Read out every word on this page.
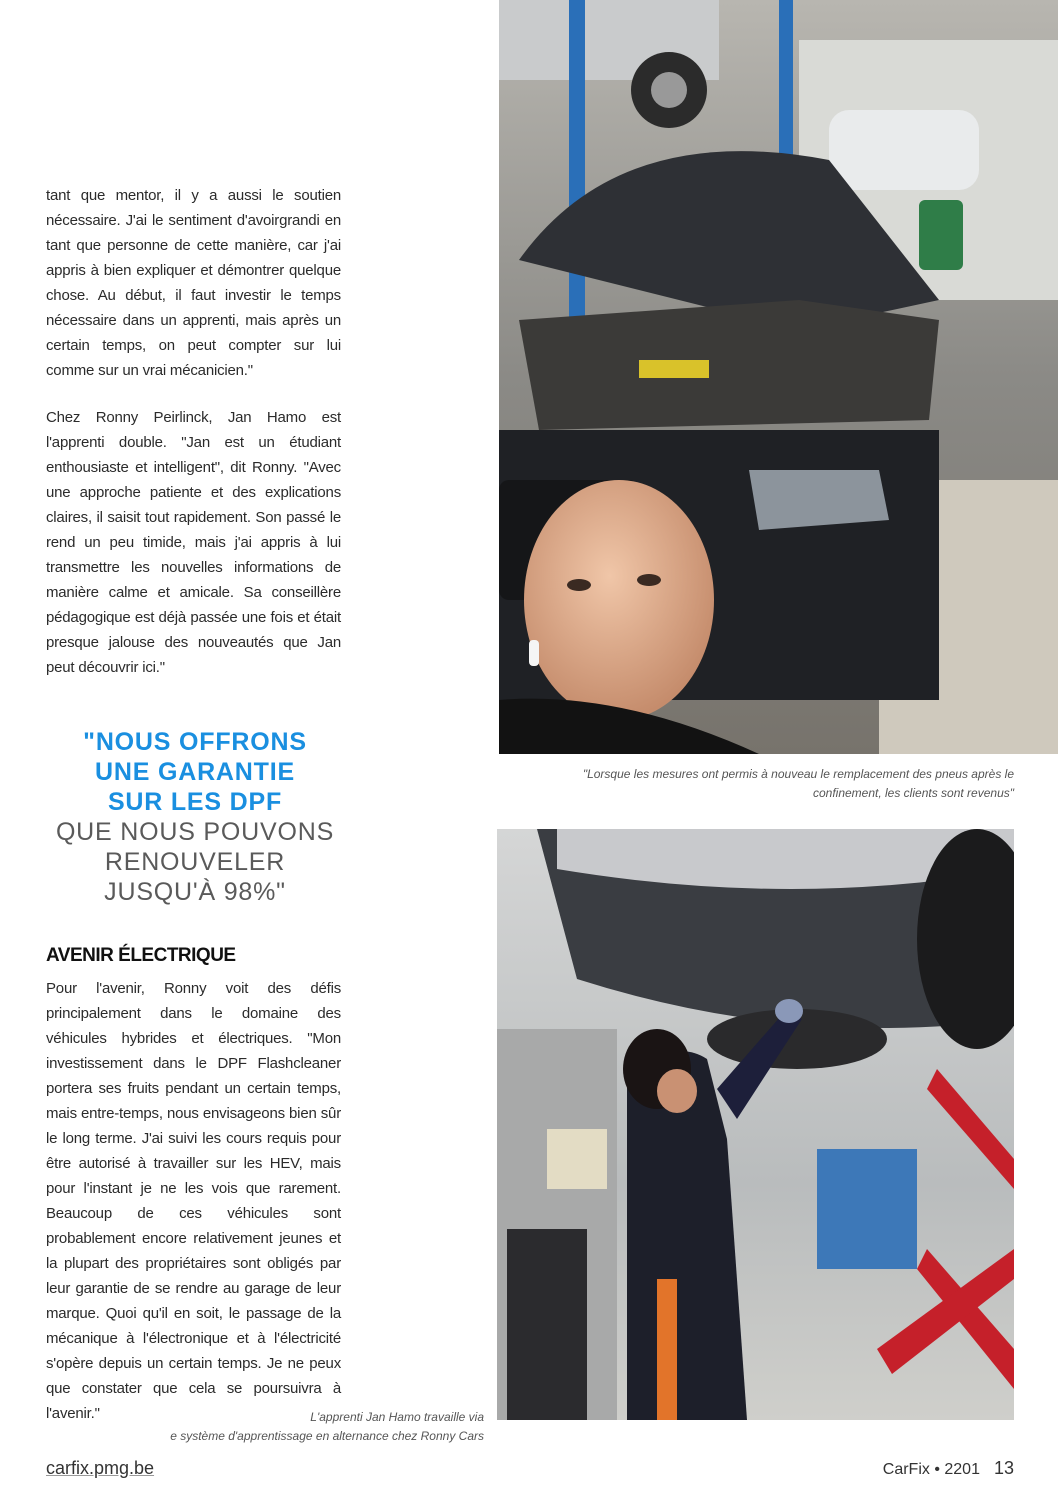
tant que mentor, il y a aussi le soutien nécessaire. J'ai le sentiment d'avoirgrandi en tant que personne de cette manière, car j'ai appris à bien expliquer et démontrer quelque chose. Au début, il faut investir le temps nécessaire dans un apprenti, mais après un certain temps, on peut compter sur lui comme sur un vrai mécanicien."

Chez Ronny Peirlinck, Jan Hamo est l'apprenti double. "Jan est un étudiant enthousiaste et intelligent", dit Ronny. "Avec une approche patiente et des explications claires, il saisit tout rapidement. Son passé le rend un peu timide, mais j'ai appris à lui transmettre les nouvelles informations de manière calme et amicale. Sa conseillère pédagogique est déjà passée une fois et était presque jalouse des nouveautés que Jan peut découvrir ici."

"NOUS OFFRONS
UNE GARANTIE
SUR LES DPF
QUE NOUS POUVONS
RENOUVELER
JUSQU'À 98%"
AVENIR ÉLECTRIQUE

Pour l'avenir, Ronny voit des défis principalement dans le domaine des véhicules hybrides et électriques. "Mon investissement dans le DPF Flashcleaner portera ses fruits pendant un certain temps, mais entre-temps, nous envisageons bien sûr le long terme. J'ai suivi les cours requis pour être autorisé à travailler sur les HEV, mais pour l'instant je ne les vois que rarement. Beaucoup de ces véhicules sont probablement encore relativement jeunes et la plupart des propriétaires sont obligés par leur garantie de se rendre au garage de leur marque. Quoi qu'il en soit, le passage de la mécanique à l'électronique et à l'électricité s'opère depuis un certain temps. Je ne peux que constater que cela se poursuivra à l'avenir."

"Lorsque les mesures ont permis à nouveau le remplacement des pneus après le
confinement, les clients sont revenus"

L'apprenti Jan Hamo travaille via
e système d'apprentissage en alternance chez Ronny Cars

carfix.pmg.be	CarFix • 2201 13
